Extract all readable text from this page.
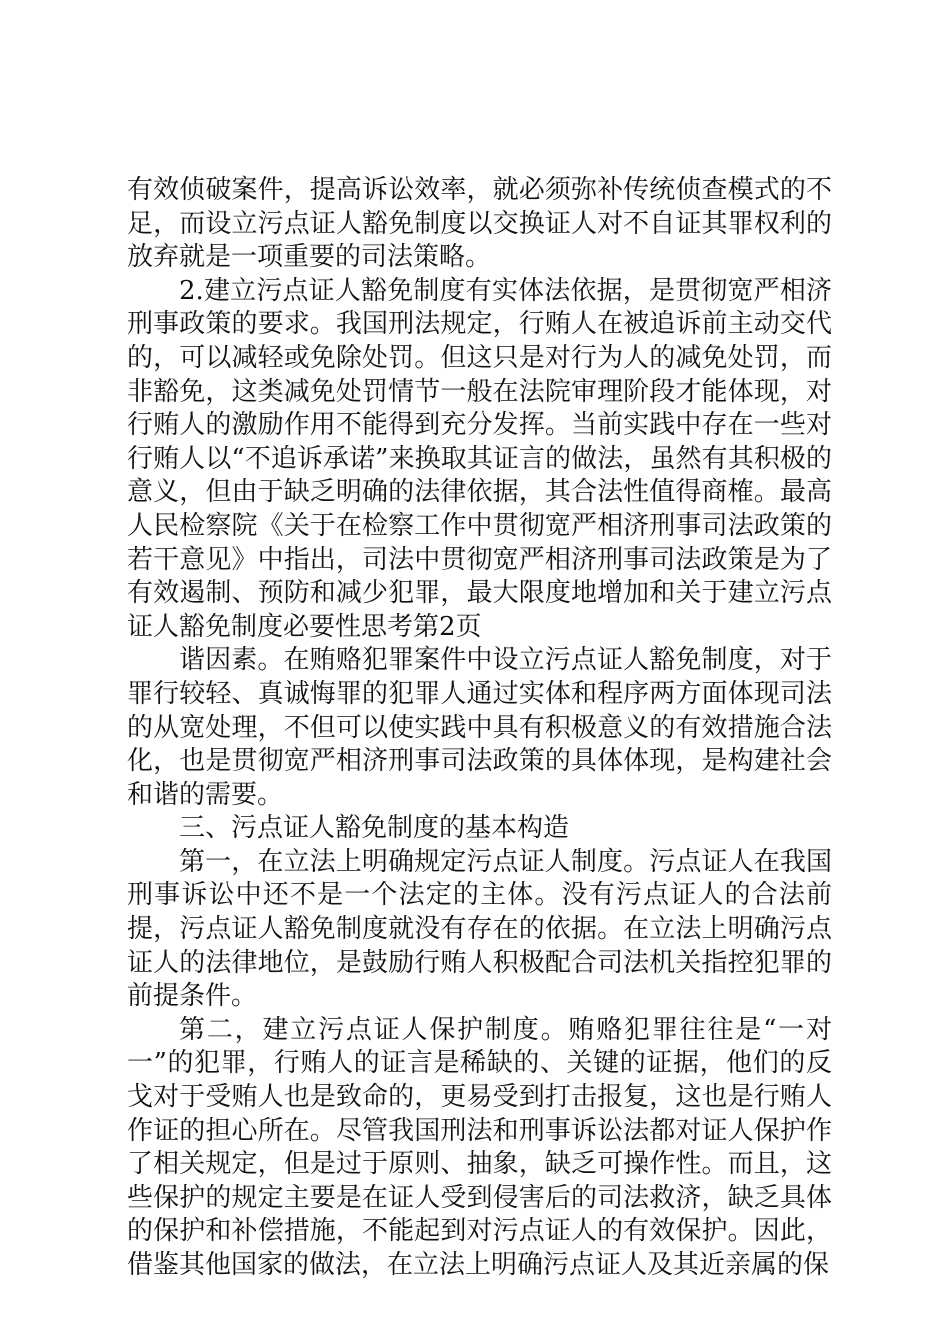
有效侦破案件，提高诉讼效率，就必须弥补传统侦查模式的不足，而设立污点证人豁免制度以交换证人对不自证其罪权利的放弃就是一项重要的司法策略。

2.建立污点证人豁免制度有实体法依据，是贯彻宽严相济刑事政策的要求。我国刑法规定，行贿人在被追诉前主动交代的，可以减轻或免除处罚。但这只是对行为人的减免处罚，而非豁免，这类减免处罚情节一般在法院审理阶段才能体现，对行贿人的激励作用不能得到充分发挥。当前实践中存在一些对行贿人以“不追诉承诺”来换取其证言的做法，虽然有其积极的意义，但由于缺乏明确的法律依据，其合法性值得商榷。最高人民检察院《关于在检察工作中贯彻宽严相济刑事司法政策的若干意见》中指出，司法中贯彻宽严相济刑事司法政策是为了有效遏制、预防和减少犯罪，最大限度地增加和关于建立污点证人豁免制度必要性思考第2页

谐因素。在贿赂犯罪案件中设立污点证人豁免制度，对于罪行较轻、真诚悔罪的犯罪人通过实体和程序两方面体现司法的从宽处理，不但可以使实践中具有积极意义的有效措施合法化，也是贯彻宽严相济刑事司法政策的具体体现，是构建社会和谐的需要。

三、污点证人豁免制度的基本构造

第一，在立法上明确规定污点证人制度。污点证人在我国刑事诉讼中还不是一个法定的主体。没有污点证人的合法前提，污点证人豁免制度就没有存在的依据。在立法上明确污点证人的法律地位，是鼓励行贿人积极配合司法机关指控犯罪的前提条件。

第二，建立污点证人保护制度。贿赂犯罪往往是“一对一”的犯罪，行贿人的证言是稀缺的、关键的证据，他们的反戈对于受贿人也是致命的，更易受到打击报复，这也是行贿人作证的担心所在。尽管我国刑法和刑事诉讼法都对证人保护作了相关规定，但是过于原则、抽象，缺乏可操作性。而且，这些保护的规定主要是在证人受到侵害后的司法救济，缺乏具体的保护和补偿措施，不能起到对污点证人的有效保护。因此，借鉴其他国家的做法，在立法上明确污点证人及其近亲属的保
